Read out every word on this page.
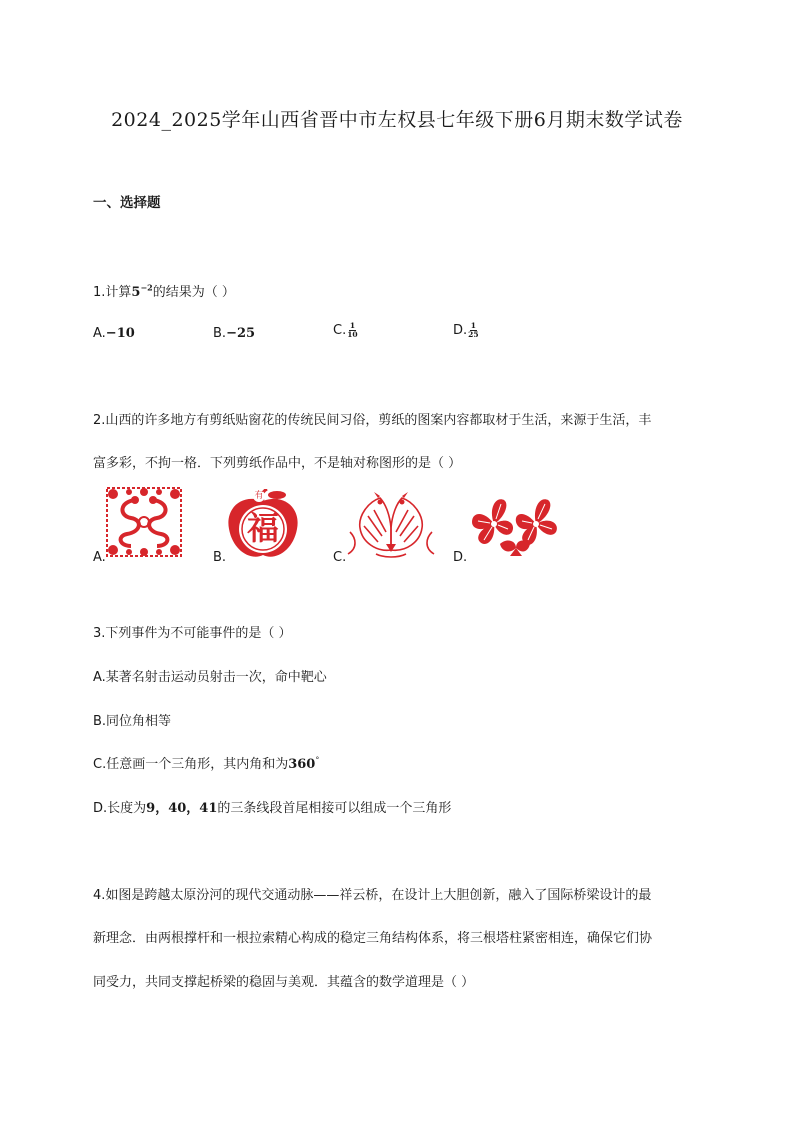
2024_2025学年山西省晋中市左权县七年级下册6月期末数学试卷
一、选择题
1.计算$5^{-2}$的结果为（ ）
A.−10	B.−25	C. $\frac{1}{10}$	D. $\frac{1}{25}$
2.山西的许多地方有剪纸贴窗花的传统民间习俗，剪纸的图案内容都取材于生活，来源于生活，丰
富多彩，不拘一格．下列剪纸作品中，不是轴对称图形的是（ ）
A.	B.
福
有
C.	D.
3.下列事件为不可能事件的是（ ）
A.某著名射击运动员射击一次，命中靶心
B.同位角相等
C.任意画一个三角形，其内角和为360°
D.长度为9，40，41的三条线段首尾相接可以组成一个三角形
4.如图是跨越太原汾河的现代交通动脉——祥云桥，在设计上大胆创新，融入了国际桥梁设计的最
新理念．由两根撑杆和一根拉索精心构成的稳定三角结构体系，将三根塔柱紧密相连，确保它们协
同受力，共同支撑起桥梁的稳固与美观．其蕴含的数学道理是（ ）
